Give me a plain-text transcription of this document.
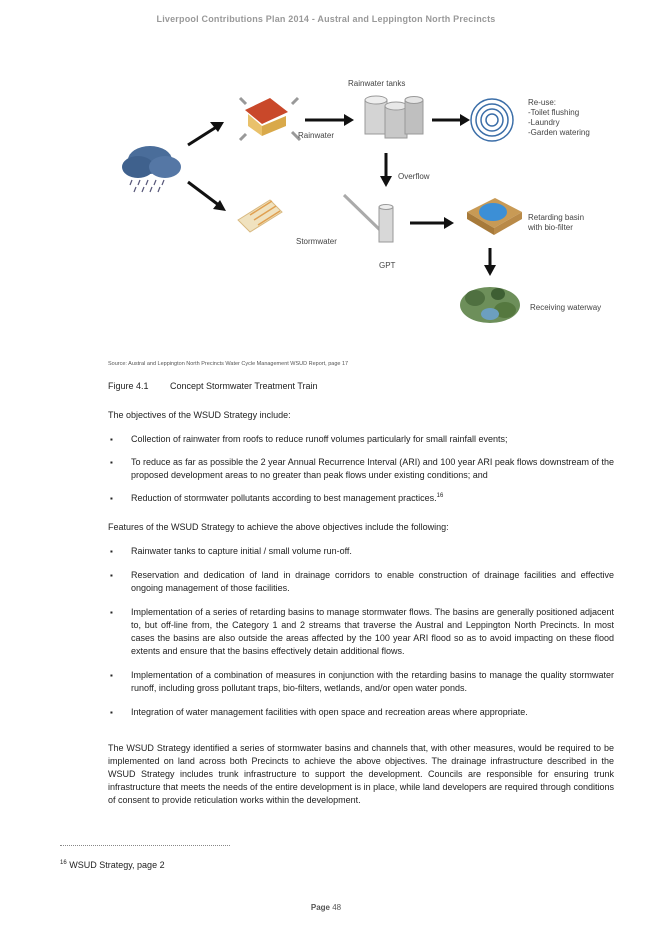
Liverpool Contributions Plan 2014 - Austral and Leppington North Precincts
Rainwater tanks
Re-use:
-Toilet flushing
-Laundry
-Garden watering
Rainwater
Overflow
Retarding basin
with bio-filter
Stormwater
GPT
Receiving waterway
Source: Austral and Leppington North Precincts Water Cycle Management WSUD Report, page 17
Figure 4.1 Concept Stormwater Treatment Train

The objectives of the WSUD Strategy include:

▪ Collection of rainwater from roofs to reduce runoff volumes particularly for small rainfall events;
▪ To reduce as far as possible the 2 year Annual Recurrence Interval (ARI) and 100 year ARI peak flows downstream of the proposed development areas to no greater than peak flows under existing conditions; and
▪ Reduction of stormwater pollutants according to best management practices.$^{16}$

Features of the WSUD Strategy to achieve the above objectives include the following:

▪ Rainwater tanks to capture initial / small volume run-off.
▪ Reservation and dedication of land in drainage corridors to enable construction of drainage facilities and effective ongoing management of those facilities.
▪ Implementation of a series of retarding basins to manage stormwater flows. The basins are generally positioned adjacent to, but off-line from, the Category 1 and 2 streams that traverse the Austral and Leppington North Precincts. In most cases the basins are also outside the areas affected by the 100 year ARI flood so as to avoid impacting on these flood extents and ensure that the basins effectively detain additional flows.
▪ Implementation of a combination of measures in conjunction with the retarding basins to manage the quality stormwater runoff, including gross pollutant traps, bio-filters, wetlands, and/or open water ponds.
▪ Integration of water management facilities with open space and recreation areas where appropriate.

The WSUD Strategy identified a series of stormwater basins and channels that, with other measures, would be required to be implemented on land across both Precincts to achieve the above objectives. The drainage infrastructure described in the WSUD Strategy includes trunk infrastructure to support the development. Councils are responsible for ensuring trunk infrastructure that meets the needs of the entire development is in place, while land developers are required through conditions of consent to provide reticulation works within the development.

$^{16}$ WSUD Strategy, page 2
Page 48
